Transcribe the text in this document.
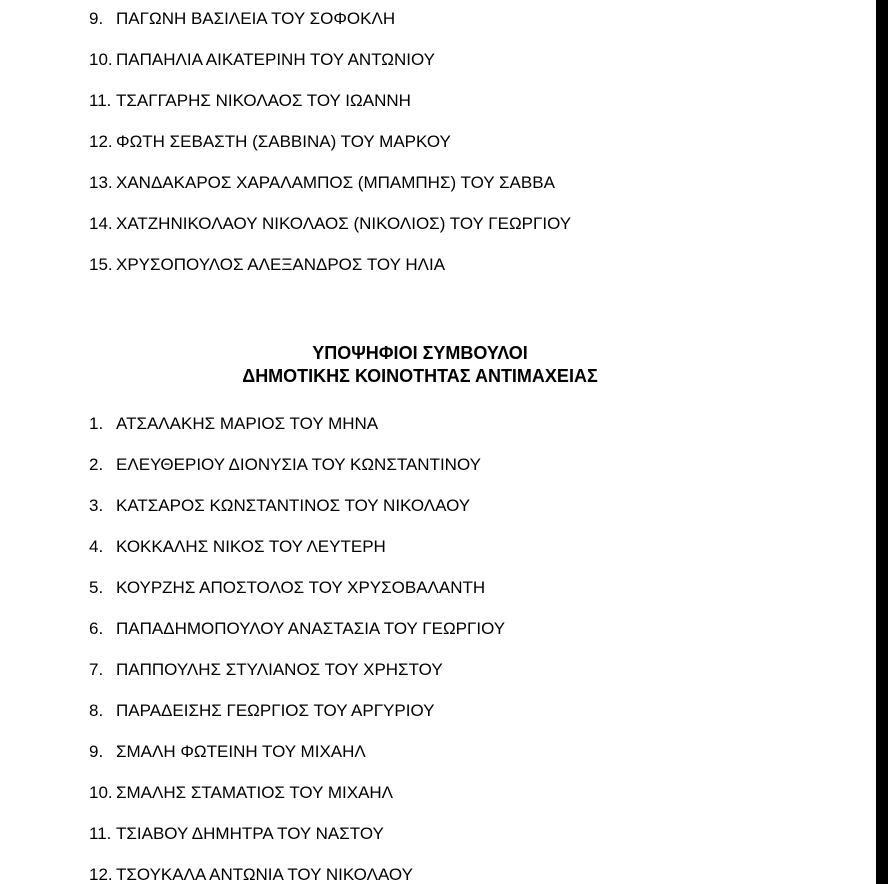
9. ΠΑΓΩΝΗ ΒΑΣΙΛΕΙΑ ΤΟΥ ΣΟΦΟΚΛΗ
10. ΠΑΠΑΗΛΙΑ ΑΙΚΑΤΕΡΙΝΗ ΤΟΥ ΑΝΤΩΝΙΟΥ
11. ΤΣΑΓΓΑΡΗΣ ΝΙΚΟΛΑΟΣ ΤΟΥ ΙΩΑΝΝΗ
12. ΦΩΤΗ ΣΕΒΑΣΤΗ (ΣΑΒΒΙΝΑ) ΤΟΥ ΜΑΡΚΟΥ
13. ΧΑΝΔΑΚΑΡΟΣ ΧΑΡΑΛΑΜΠΟΣ (ΜΠΑΜΠΗΣ) ΤΟΥ ΣΑΒΒΑ
14. ΧΑΤΖΗΝΙΚΟΛΑΟΥ ΝΙΚΟΛΑΟΣ (ΝΙΚΟΛΙΟΣ) ΤΟΥ ΓΕΩΡΓΙΟΥ
15. ΧΡΥΣΟΠΟΥΛΟΣ ΑΛΕΞΑΝΔΡΟΣ ΤΟΥ ΗΛΙΑ
ΥΠΟΨΗΦΙΟΙ ΣΥΜΒΟΥΛΟΙ
ΔΗΜΟΤΙΚΗΣ ΚΟΙΝΟΤΗΤΑΣ ΑΝΤΙΜΑΧΕΙΑΣ
1. ΑΤΣΑΛΑΚΗΣ ΜΑΡΙΟΣ ΤΟΥ ΜΗΝΑ
2. ΕΛΕΥΘΕΡΙΟΥ ΔΙΟΝΥΣΙΑ ΤΟΥ ΚΩΝΣΤΑΝΤΙΝΟΥ
3. ΚΑΤΣΑΡΟΣ ΚΩΝΣΤΑΝΤΙΝΟΣ ΤΟΥ ΝΙΚΟΛΑΟΥ
4. ΚΟΚΚΑΛΗΣ ΝΙΚΟΣ ΤΟΥ ΛΕΥΤΕΡΗ
5. ΚΟΥΡΖΗΣ ΑΠΟΣΤΟΛΟΣ ΤΟΥ ΧΡΥΣΟΒΑΛΑΝΤΗ
6. ΠΑΠΑΔΗΜΟΠΟΥΛΟΥ ΑΝΑΣΤΑΣΙΑ ΤΟΥ ΓΕΩΡΓΙΟΥ
7. ΠΑΠΠΟΥΛΗΣ ΣΤΥΛΙΑΝΟΣ ΤΟΥ ΧΡΗΣΤΟΥ
8. ΠΑΡΑΔΕΙΣΗΣ ΓΕΩΡΓΙΟΣ ΤΟΥ ΑΡΓΥΡΙΟΥ
9. ΣΜΑΛΗ ΦΩΤΕΙΝΗ ΤΟΥ ΜΙΧΑΗΛ
10. ΣΜΑΛΗΣ ΣΤΑΜΑΤΙΟΣ ΤΟΥ ΜΙΧΑΗΛ
11. ΤΣΙΑΒΟΥ ΔΗΜΗΤΡΑ ΤΟΥ ΝΑΣΤΟΥ
12. ΤΣΟΥΚΑΛΑ ΑΝΤΩΝΙΑ ΤΟΥ ΝΙΚΟΛΑΟΥ
